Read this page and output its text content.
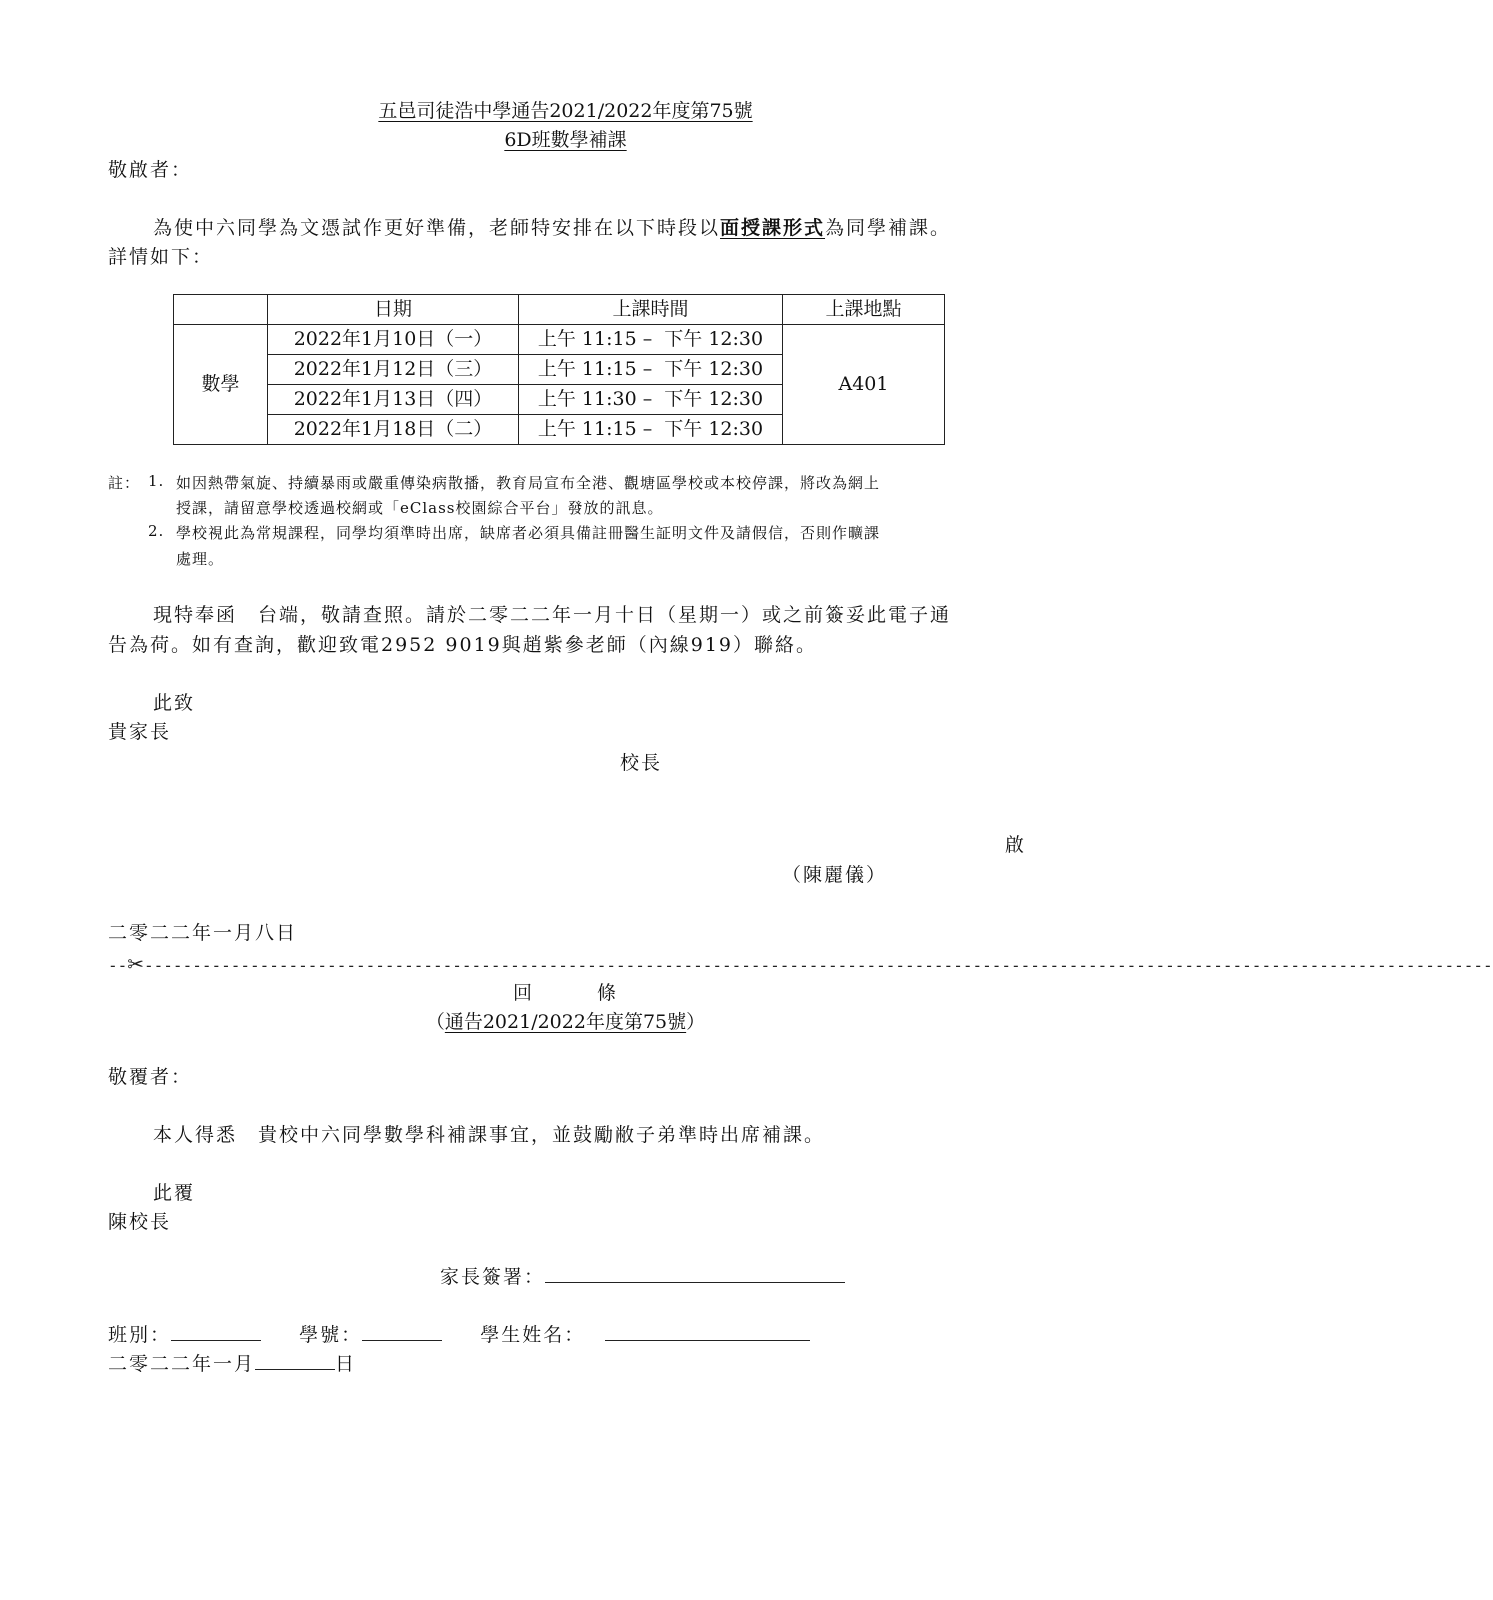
五邑司徒浩中學通告2021/2022年度第75號
6D班數學補課
敬啟者：
為使中六同學為文憑試作更好準備，老師特安排在以下時段以面授課形式為同學補課。
詳情如下：
	日期	上課時間	上課地點
數學	2022年1月10日（一）	上午 11:15 –  下午 12:30	A401
	2022年1月12日（三）	上午 11:15 –  下午 12:30	
	2022年1月13日（四）	上午 11:30 –  下午 12:30	
	2022年1月18日（二）	上午 11:15 –  下午 12:30	
註： 1. 如因熱帶氣旋、持續暴雨或嚴重傳染病散播，教育局宣布全港、觀塘區學校或本校停課，將改為網上
授課，請留意學校透過校網或「eClass校園綜合平台」發放的訊息。
2. 學校視此為常規課程，同學均須準時出席，缺席者必須具備註冊醫生証明文件及請假信，否則作曠課
處理。
現特奉函　台端，敬請查照。請於二零二二年一月十日（星期一）或之前簽妥此電子通
告為荷。如有查詢，歡迎致電2952 9019與趙紫參老師（內線919）聯絡。
此致
貴家長
校長
啟
（陳麗儀）
二零二二年一月八日
--✂--------------------------------------------------------------------------------------------------------------------------------------------
回　　　條
（通告2021/2022年度第75號）
敬覆者：
本人得悉　貴校中六同學數學科補課事宜，並鼓勵敝子弟準時出席補課。
此覆
陳校長
家長簽署：
班別：	學號：	學生姓名：
二零二二年一月	日
